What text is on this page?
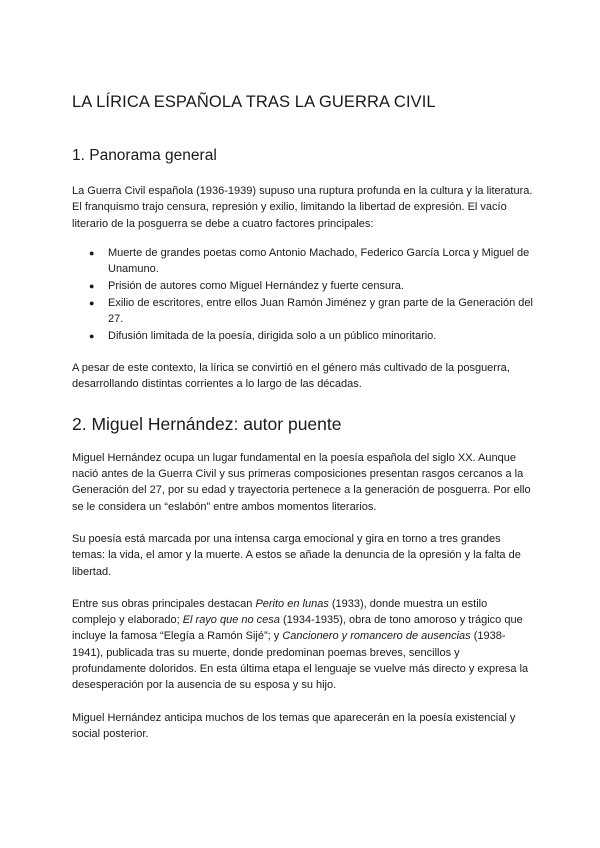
LA LÍRICA ESPAÑOLA TRAS LA GUERRA CIVIL
1. Panorama general

La Guerra Civil española (1936-1939) supuso una ruptura profunda en la cultura y la literatura. El franquismo trajo censura, represión y exilio, limitando la libertad de expresión. El vacío literario de la posguerra se debe a cuatro factores principales:

● Muerte de grandes poetas como Antonio Machado, Federico García Lorca y Miguel de Unamuno.
● Prisión de autores como Miguel Hernández y fuerte censura.
● Exilio de escritores, entre ellos Juan Ramón Jiménez y gran parte de la Generación del 27.
● Difusión limitada de la poesía, dirigida solo a un público minoritario.

A pesar de este contexto, la lírica se convirtió en el género más cultivado de la posguerra, desarrollando distintas corrientes a lo largo de las décadas.

2. Miguel Hernández: autor puente

Miguel Hernández ocupa un lugar fundamental en la poesía española del siglo XX. Aunque nació antes de la Guerra Civil y sus primeras composiciones presentan rasgos cercanos a la Generación del 27, por su edad y trayectoria pertenece a la generación de posguerra. Por ello se le considera un “eslabón” entre ambos momentos literarios.

Su poesía está marcada por una intensa carga emocional y gira en torno a tres grandes temas: la vida, el amor y la muerte. A estos se añade la denuncia de la opresión y la falta de libertad.

Entre sus obras principales destacan Perito en lunas (1933), donde muestra un estilo complejo y elaborado; El rayo que no cesa (1934-1935), obra de tono amoroso y trágico que incluye la famosa “Elegía a Ramón Sijé”; y Cancionero y romancero de ausencias (1938-1941), publicada tras su muerte, donde predominan poemas breves, sencillos y profundamente doloridos. En esta última etapa el lenguaje se vuelve más directo y expresa la desesperación por la ausencia de su esposa y su hijo.

Miguel Hernández anticipa muchos de los temas que aparecerán en la poesía existencial y social posterior.
